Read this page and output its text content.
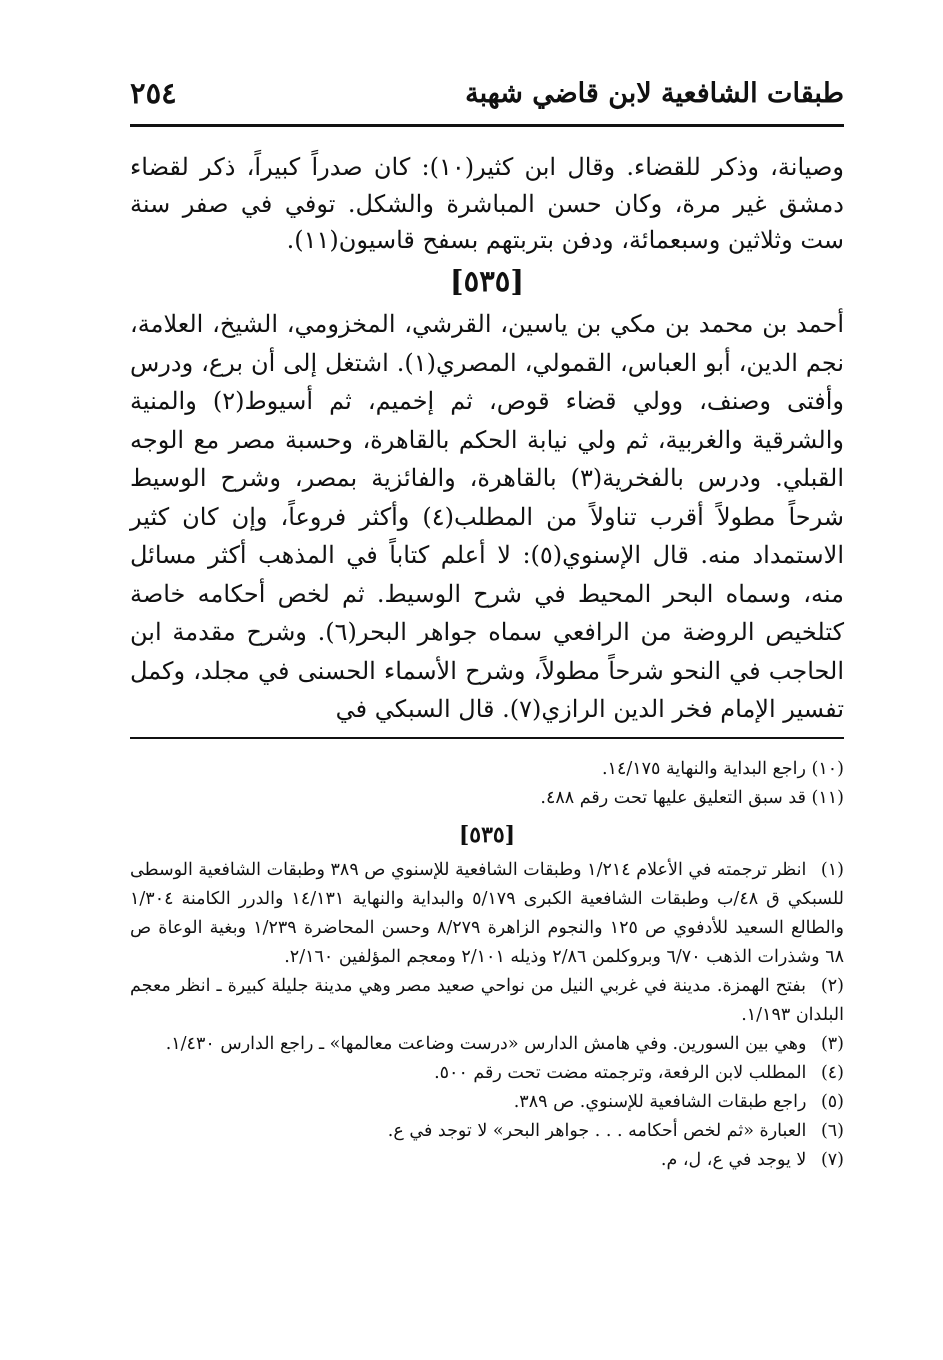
طبقات الشافعية لابن قاضي شهبة
٢٥٤

وصيانة، وذكر للقضاء. وقال ابن كثير(١٠): كان صدراً كبيراً، ذكر لقضاء دمشق غير مرة، وكان حسن المباشرة والشكل. توفي في صفر سنة ست وثلاثين وسبعمائة، ودفن بتربتهم بسفح قاسيون(١١).

[٥٣٥]

أحمد بن محمد بن مكي بن ياسين، القرشي، المخزومي، الشيخ، العلامة، نجم الدين، أبو العباس، القمولي، المصري(١). اشتغل إلى أن برع، ودرس وأفتى وصنف، وولي قضاء قوص، ثم إخميم، ثم أسيوط(٢) والمنية والشرقية والغربية، ثم ولي نيابة الحكم بالقاهرة، وحسبة مصر مع الوجه القبلي. ودرس بالفخرية(٣) بالقاهرة، والفائزية بمصر، وشرح الوسيط شرحاً مطولاً أقرب تناولاً من المطلب(٤) وأكثر فروعاً، وإن كان كثير الاستمداد منه. قال الإسنوي(٥): لا أعلم كتاباً في المذهب أكثر مسائل منه، وسماه البحر المحيط في شرح الوسيط. ثم لخص أحكامه خاصة كتلخيص الروضة من الرافعي سماه جواهر البحر(٦). وشرح مقدمة ابن الحاجب في النحو شرحاً مطولاً، وشرح الأسماء الحسنى في مجلد، وكمل تفسير الإمام فخر الدين الرازي(٧). قال السبكي في

(١٠) راجع البداية والنهاية ١٤/١٧٥.

(١١) قد سبق التعليق عليها تحت رقم ٤٨٨.

[٥٣٥]

(١) انظر ترجمته في الأعلام ١/٢١٤ وطبقات الشافعية للإسنوي ص ٣٨٩ وطبقات الشافعية الوسطى للسبكي ق ٤٨/ب وطبقات الشافعية الكبرى ٥/١٧٩ والبداية والنهاية ١٤/١٣١ والدرر الكامنة ١/٣٠٤ والطالع السعيد للأدفوي ص ١٢٥ والنجوم الزاهرة ٨/٢٧٩ وحسن المحاضرة ١/٢٣٩ وبغية الوعاة ص ٦٨ وشذرات الذهب ٦/٧٠ وبروكلمن ٢/٨٦ وذيله ٢/١٠١ ومعجم المؤلفين ٢/١٦٠.

(٢) بفتح الهمزة. مدينة في غربي النيل من نواحي صعيد مصر وهي مدينة جليلة كبيرة ـ انظر معجم البلدان ١/١٩٣.

(٣) وهي بين السورين. وفي هامش الدارس «درست وضاعت معالمها» ـ راجع الدارس ١/٤٣٠.

(٤) المطلب لابن الرفعة، وترجمته مضت تحت رقم ٥٠٠.

(٥) راجع طبقات الشافعية للإسنوي. ص ٣٨٩.

(٦) العبارة «ثم لخص أحكامه . . . جواهر البحر» لا توجد في ع.

(٧) لا يوجد في ع، ل، م.
